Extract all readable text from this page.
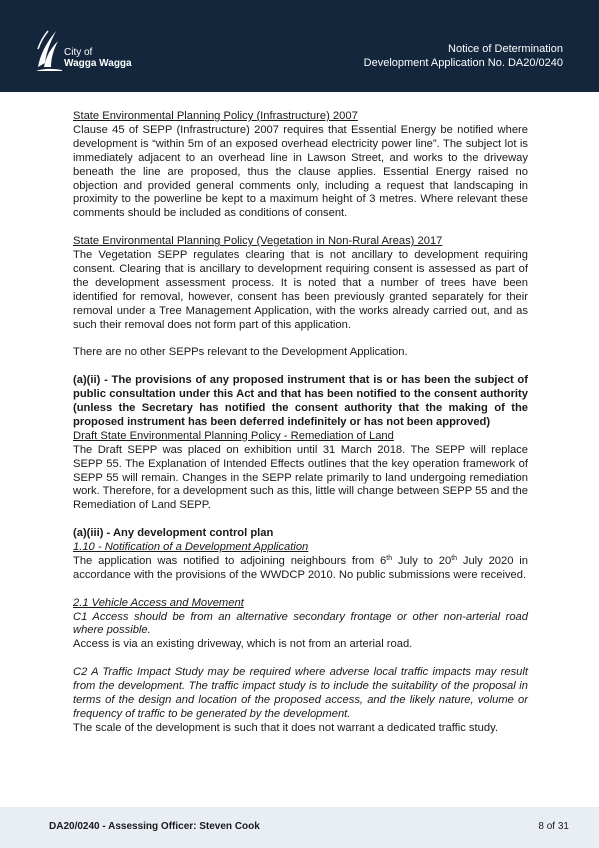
City of
Wagga Wagga
Notice of Determination
Development Application No. DA20/0240

State Environmental Planning Policy (Infrastructure) 2007

Clause 45 of SEPP (Infrastructure) 2007 requires that Essential Energy be notified where development is “within 5m of an exposed overhead electricity power line”. The subject lot is immediately adjacent to an overhead line in Lawson Street, and works to the driveway beneath the line are proposed, thus the clause applies. Essential Energy raised no objection and provided general comments only, including a request that landscaping in proximity to the powerline be kept to a maximum height of 3 metres. Where relevant these comments should be included as conditions of consent.

State Environmental Planning Policy (Vegetation in Non-Rural Areas) 2017

The Vegetation SEPP regulates clearing that is not ancillary to development requiring consent. Clearing that is ancillary to development requiring consent is assessed as part of the development assessment process. It is noted that a number of trees have been identified for removal, however, consent has been previously granted separately for their removal under a Tree Management Application, with the works already carried out, and as such their removal does not form part of this application.

There are no other SEPPs relevant to the Development Application.

(a)(ii) - The provisions of any proposed instrument that is or has been the subject of public consultation under this Act and that has been notified to the consent authority (unless the Secretary has notified the consent authority that the making of the proposed instrument has been deferred indefinitely or has not been approved)

Draft State Environmental Planning Policy - Remediation of Land

The Draft SEPP was placed on exhibition until 31 March 2018. The SEPP will replace SEPP 55. The Explanation of Intended Effects outlines that the key operation framework of SEPP 55 will remain. Changes in the SEPP relate primarily to land undergoing remediation work. Therefore, for a development such as this, little will change between SEPP 55 and the Remediation of Land SEPP.

(a)(iii) - Any development control plan

1.10 - Notification of a Development Application

The application was notified to adjoining neighbours from 6th July to 20th July 2020 in accordance with the provisions of the WWDCP 2010. No public submissions were received.

2.1 Vehicle Access and Movement

C1 Access should be from an alternative secondary frontage or other non-arterial road where possible.

Access is via an existing driveway, which is not from an arterial road.

C2 A Traffic Impact Study may be required where adverse local traffic impacts may result from the development. The traffic impact study is to include the suitability of the proposal in terms of the design and location of the proposed access, and the likely nature, volume or frequency of traffic to be generated by the development.

The scale of the development is such that it does not warrant a dedicated traffic study.

DA20/0240 - Assessing Officer: Steven Cook	8 of 31
